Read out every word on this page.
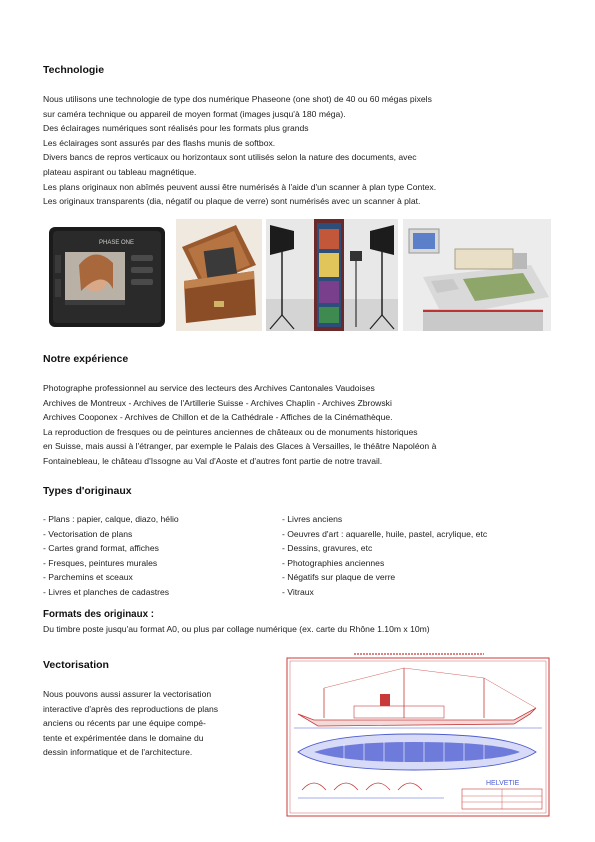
Technologie
Nous utilisons une technologie de type dos numérique Phaseone (one shot) de 40 ou 60 mégas pixels
sur caméra technique ou appareil de moyen format (images jusqu'à 180 méga).
Des éclairages numériques sont réalisés pour les formats plus grands
Les éclairages sont assurés par des flashs munis de softbox.
Divers bancs de repros verticaux ou horizontaux sont utilisés selon la nature des documents, avec
plateau aspirant ou tableau magnétique.
Les plans originaux non abîmés peuvent aussi être numérisés à l'aide d'un scanner à plan type Contex.
Les originaux transparents (dia, négatif ou plaque de verre) sont numérisés avec un scanner à plat.
PHASE ONE
Notre expérience
Photographe professionnel au service des lecteurs des Archives Cantonales Vaudoises
Archives de Montreux - Archives de l'Artillerie Suisse - Archives Chaplin - Archives Zbrowski
Archives Cooponex - Archives de Chillon et de la Cathédrale - Affiches de la Cinémathèque.
La reproduction de fresques ou de peintures anciennes de châteaux ou de monuments historiques
en Suisse, mais aussi à l'étranger, par exemple le Palais des Glaces à Versailles, le théâtre Napoléon à
Fontainebleau, le château d'Issogne au Val d'Aoste et d'autres font partie de notre travail.
Types d'originaux
- Plans : papier, calque, diazo, hélio
- Vectorisation de plans
- Cartes grand format, affiches
- Fresques, peintures murales
- Parchemins et sceaux
- Livres et planches de cadastres
- Livres anciens
- Oeuvres d'art : aquarelle, huile, pastel, acrylique, etc
- Dessins, gravures, etc
- Photographies anciennes
- Négatifs sur plaque de verre
- Vitraux
Formats des originaux :
Du timbre poste jusqu'au format A0, ou plus par collage numérique (ex. carte du Rhône 1.10m x 10m)
Vectorisation
Nous pouvons aussi assurer la vectorisation
interactive d'après des reproductions de plans
anciens ou récents par une équipe compé-
tente et expérimentée dans le domaine du
dessin informatique et de l'architecture.
HELVETIE
